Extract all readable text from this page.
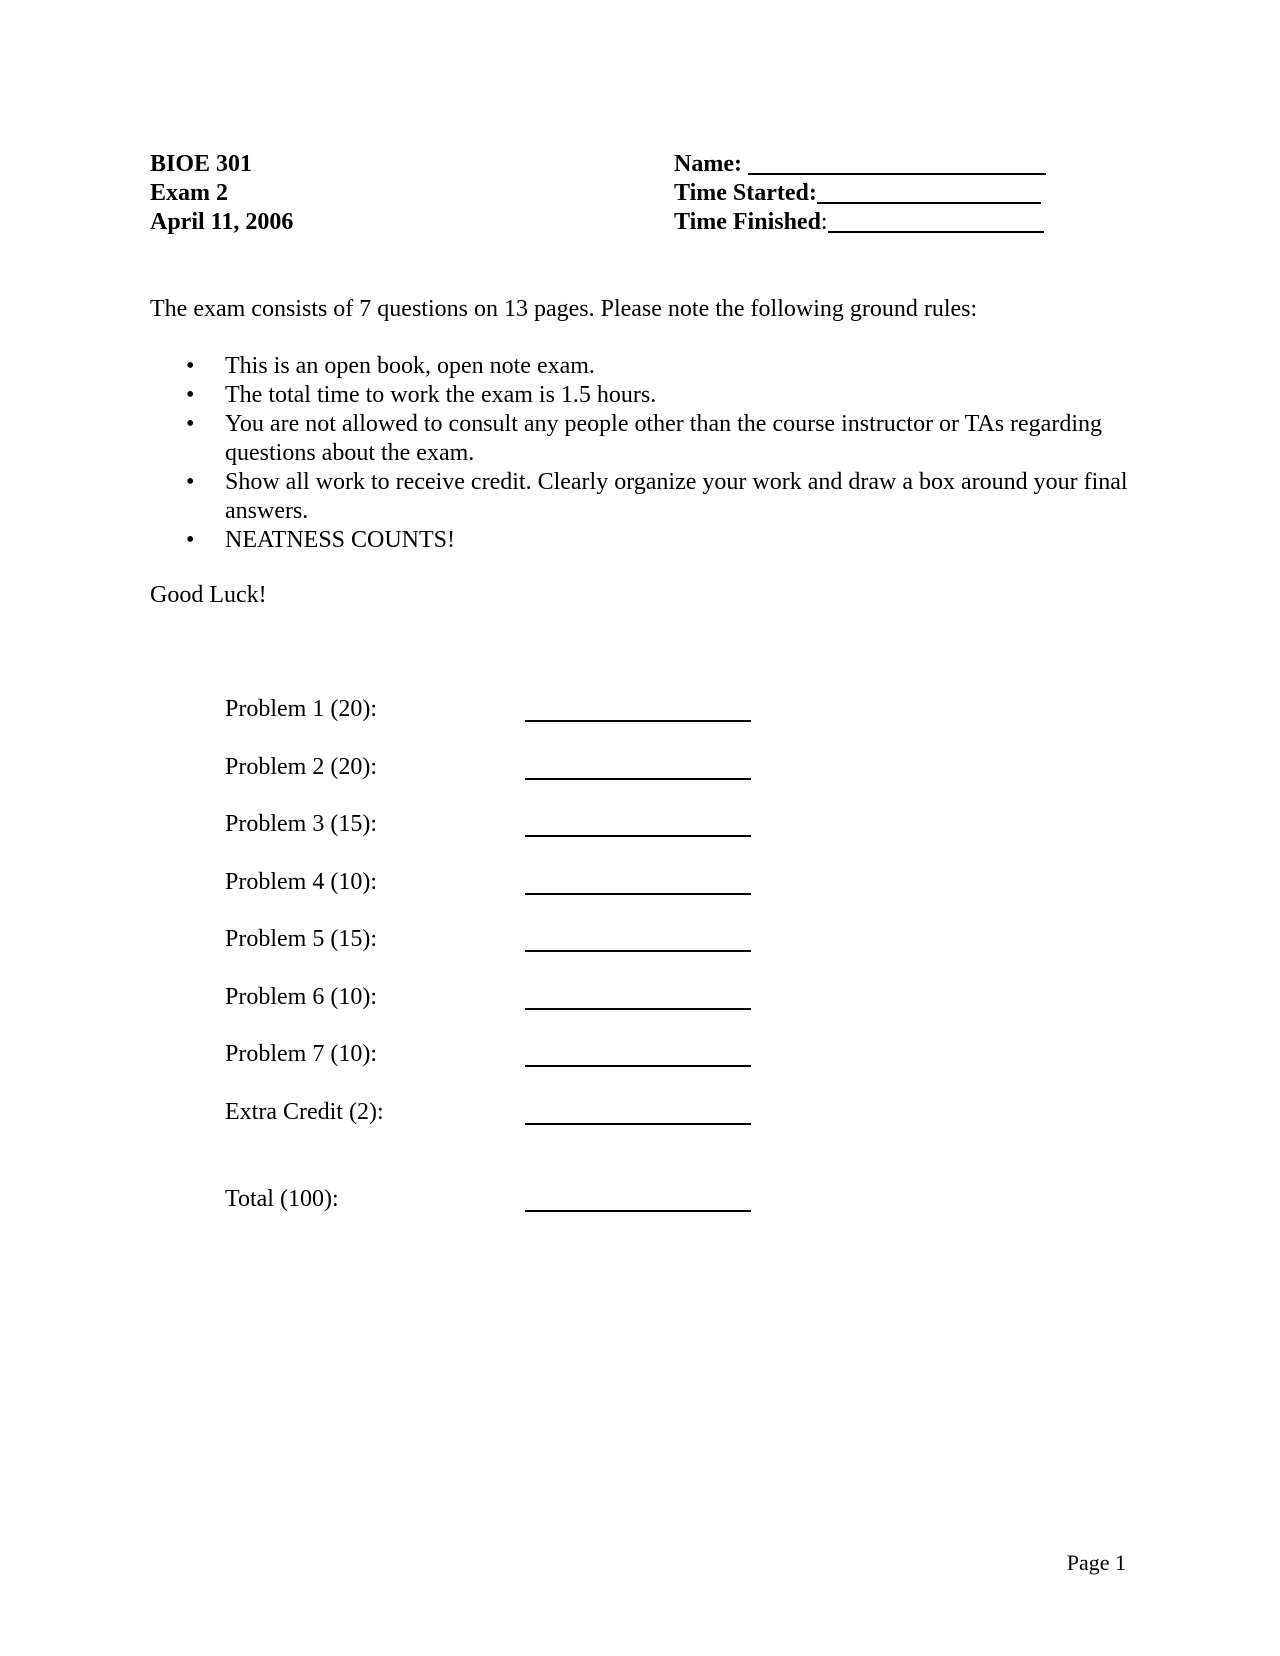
BIOE 301
Exam 2
April 11, 2006
Name:
Time Started:
Time Finished :
The exam consists of 7 questions on 13 pages. Please note the following ground rules:
• This is an open book, open note exam.
• The total time to work the exam is 1.5 hours.
• You are not allowed to consult any people other than the course instructor or TAs regarding questions about the exam.
• Show all work to receive credit. Clearly organize your work and draw a box around your final answers.
• NEATNESS COUNTS!
Good Luck!
Problem 1 (20):
Problem 2 (20):
Problem 3 (15):
Problem 4 (10):
Problem 5 (15):
Problem 6 (10):
Problem 7 (10):
Extra Credit (2):
Total (100):
Page 1
